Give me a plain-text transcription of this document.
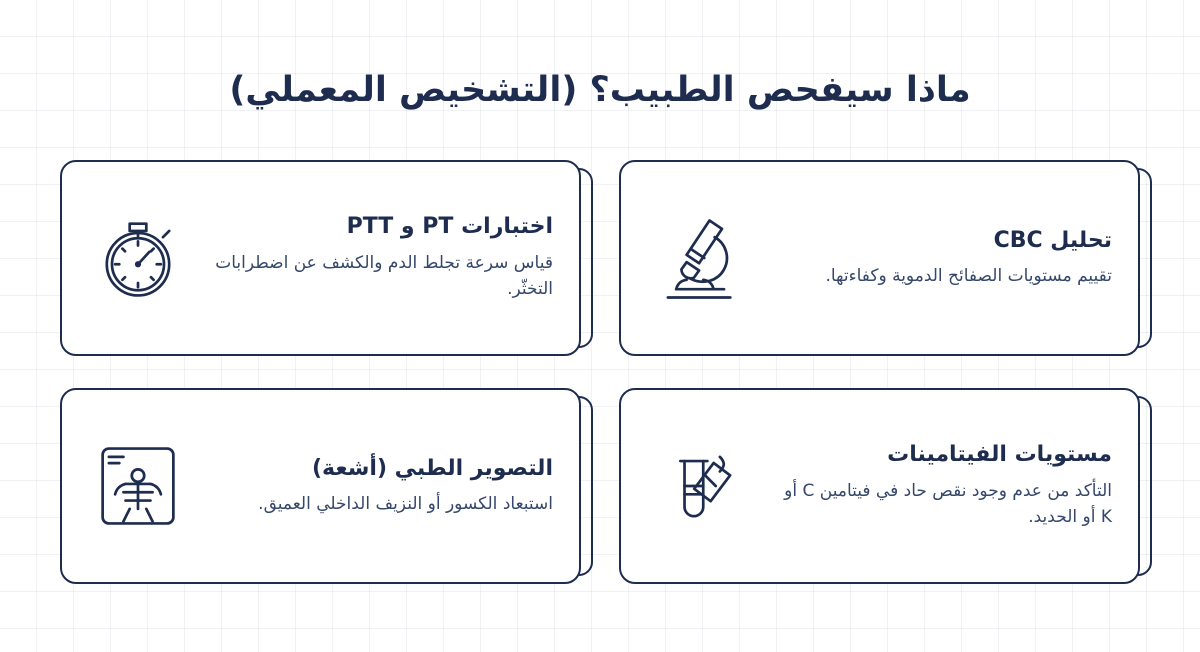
ماذا سيفحص الطبيب؟ (التشخيص المعملي)
تحليل CBC
تقييم مستويات الصفائح الدموية وكفاءتها.
اختبارات PT و PTT
قياس سرعة تجلط الدم والكشف عن اضطرابات التخثّر.
مستويات الفيتامينات
التأكد من عدم وجود نقص حاد في فيتامين C أو K أو الحديد.
التصوير الطبي (أشعة)
استبعاد الكسور أو النزيف الداخلي العميق.
